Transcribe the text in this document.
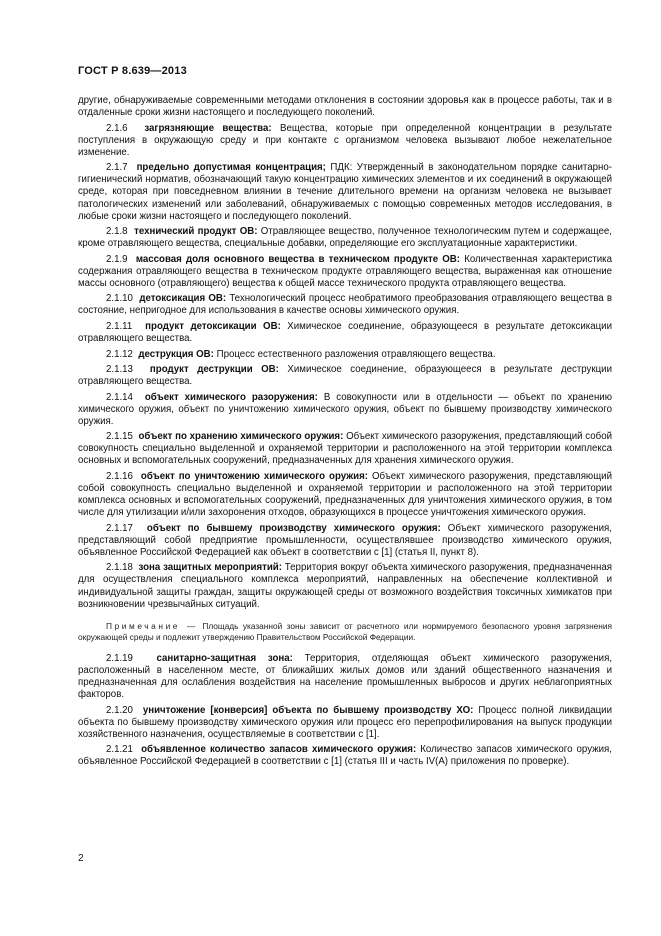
ГОСТ Р 8.639—2013

другие, обнаруживаемые современными методами отклонения в состоянии здоровья как в процессе работы, так и в отдаленные сроки жизни настоящего и последующего поколений.

2.1.6 загрязняющие вещества: Вещества, которые при определенной концентрации в результате поступления в окружающую среду и при контакте с организмом человека вызывают любое нежелательное изменение.

2.1.7 предельно допустимая концентрация; ПДК: Утвержденный в законодательном порядке санитарно-гигиенический норматив, обозначающий такую концентрацию химических элементов и их соединений в окружающей среде, которая при повседневном влиянии в течение длительного времени на организм человека не вызывает патологических изменений или заболеваний, обнаруживаемых с помощью современных методов исследования, в любые сроки жизни настоящего и последующего поколений.

2.1.8 технический продукт ОВ: Отравляющее вещество, полученное технологическим путем и содержащее, кроме отравляющего вещества, специальные добавки, определяющие его эксплуатационные характеристики.

2.1.9 массовая доля основного вещества в техническом продукте ОВ: Количественная характеристика содержания отравляющего вещества в техническом продукте отравляющего вещества, выраженная как отношение массы основного (отравляющего) вещества к общей массе технического продукта отравляющего вещества.

2.1.10 детоксикация ОВ: Технологический процесс необратимого преобразования отравляющего вещества в состояние, непригодное для использования в качестве основы химического оружия.

2.1.11 продукт детоксикации ОВ: Химическое соединение, образующееся в результате детоксикации отравляющего вещества.

2.1.12 деструкция ОВ: Процесс естественного разложения отравляющего вещества.

2.1.13 продукт деструкции ОВ: Химическое соединение, образующееся в результате деструкции отравляющего вещества.

2.1.14 объект химического разоружения: В совокупности или в отдельности — объект по хранению химического оружия, объект по уничтожению химического оружия, объект по бывшему производству химического оружия.

2.1.15 объект по хранению химического оружия: Объект химического разоружения, представляющий собой совокупность специально выделенной и охраняемой территории и расположенного на этой территории комплекса основных и вспомогательных сооружений, предназначенных для хранения химического оружия.

2.1.16 объект по уничтожению химического оружия: Объект химического разоружения, представляющий собой совокупность специально выделенной и охраняемой территории и расположенного на этой территории комплекса основных и вспомогательных сооружений, предназначенных для уничтожения химического оружия, в том числе для утилизации и/или захоронения отходов, образующихся в процессе уничтожения химического оружия.

2.1.17 объект по бывшему производству химического оружия: Объект химического разоружения, представляющий собой предприятие промышленности, осуществлявшее производство химического оружия, объявленное Российской Федерацией как объект в соответствии с [1] (статья II, пункт 8).

2.1.18 зона защитных мероприятий: Территория вокруг объекта химического разоружения, предназначенная для осуществления специального комплекса мероприятий, направленных на обеспечение коллективной и индивидуальной защиты граждан, защиты окружающей среды от возможного воздействия токсичных химикатов при возникновении чрезвычайных ситуаций.

Примечание — Площадь указанной зоны зависит от расчетного или нормируемого безопасного уровня загрязнения окружающей среды и подлежит утверждению Правительством Российской Федерации.

2.1.19 санитарно-защитная зона: Территория, отделяющая объект химического разоружения, расположенный в населенном месте, от ближайших жилых домов или зданий общественного назначения и предназначенная для ослабления воздействия на население промышленных выбросов и других неблагоприятных факторов.

2.1.20 уничтожение [конверсия] объекта по бывшему производству ХО: Процесс полной ликвидации объекта по бывшему производству химического оружия или процесс его перепрофилирования на выпуск продукции хозяйственного назначения, осуществляемые в соответствии с [1].

2.1.21 объявленное количество запасов химического оружия: Количество запасов химического оружия, объявленное Российской Федерацией в соответствии с [1] (статья III и часть IV(A) приложения по проверке).

2
